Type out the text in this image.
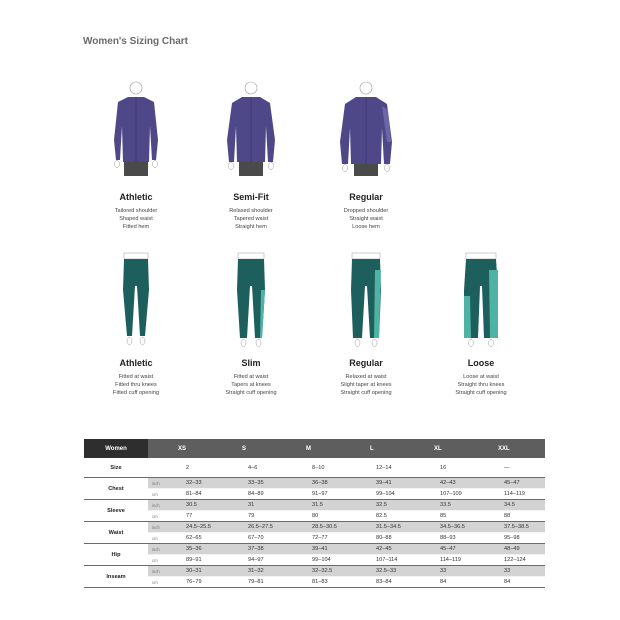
Women's Sizing Chart
Athletic
Tailored shoulder
Shaped waist
Fitted hem
Semi-Fit
Relaxed shoulder
Tapered waist
Straight hem
Regular
Dropped shoulder
Straight waist
Loose hem
Athletic
Fitted at waist
Fitted thru knees
Fitted cuff opening
Slim
Fitted at waist
Tapers at knees
Straight cuff opening
Regular
Relaxed at waist
Slight taper at knees
Straight cuff opening
Loose
Loose at waist
Straight thru knees
Straight cuff opening
Women		XS	S	M	L	XL	XXL
Size		2	4–6	8–10	12–14	16	—
Chest	inch	32–33	33–35	36–38	39–41	42–43	45–47
	cm	81–84	84–89	91–97	99–104	107–109	114–119
Sleeve	inch	30.5	31	31.5	32.5	33.5	34.5
	cm	77	79	80	82.5	85	88
Waist	inch	24.5–25.5	26.5–27.5	28.5–30.5	31.5–34.5	34.5–36.5	37.5–38.5
	cm	62–65	67–70	72–77	80–88	88–93	95–98
Hip	inch	35–36	37–38	39–41	42–45	45–47	48–49
	cm	89–91	94–97	99–104	107–114	114–119	122–124
Inseam	inch	30–31	31–32	32–32.5	32.5–33	33	33
	cm	76–79	79–81	81–83	83–84	84	84
